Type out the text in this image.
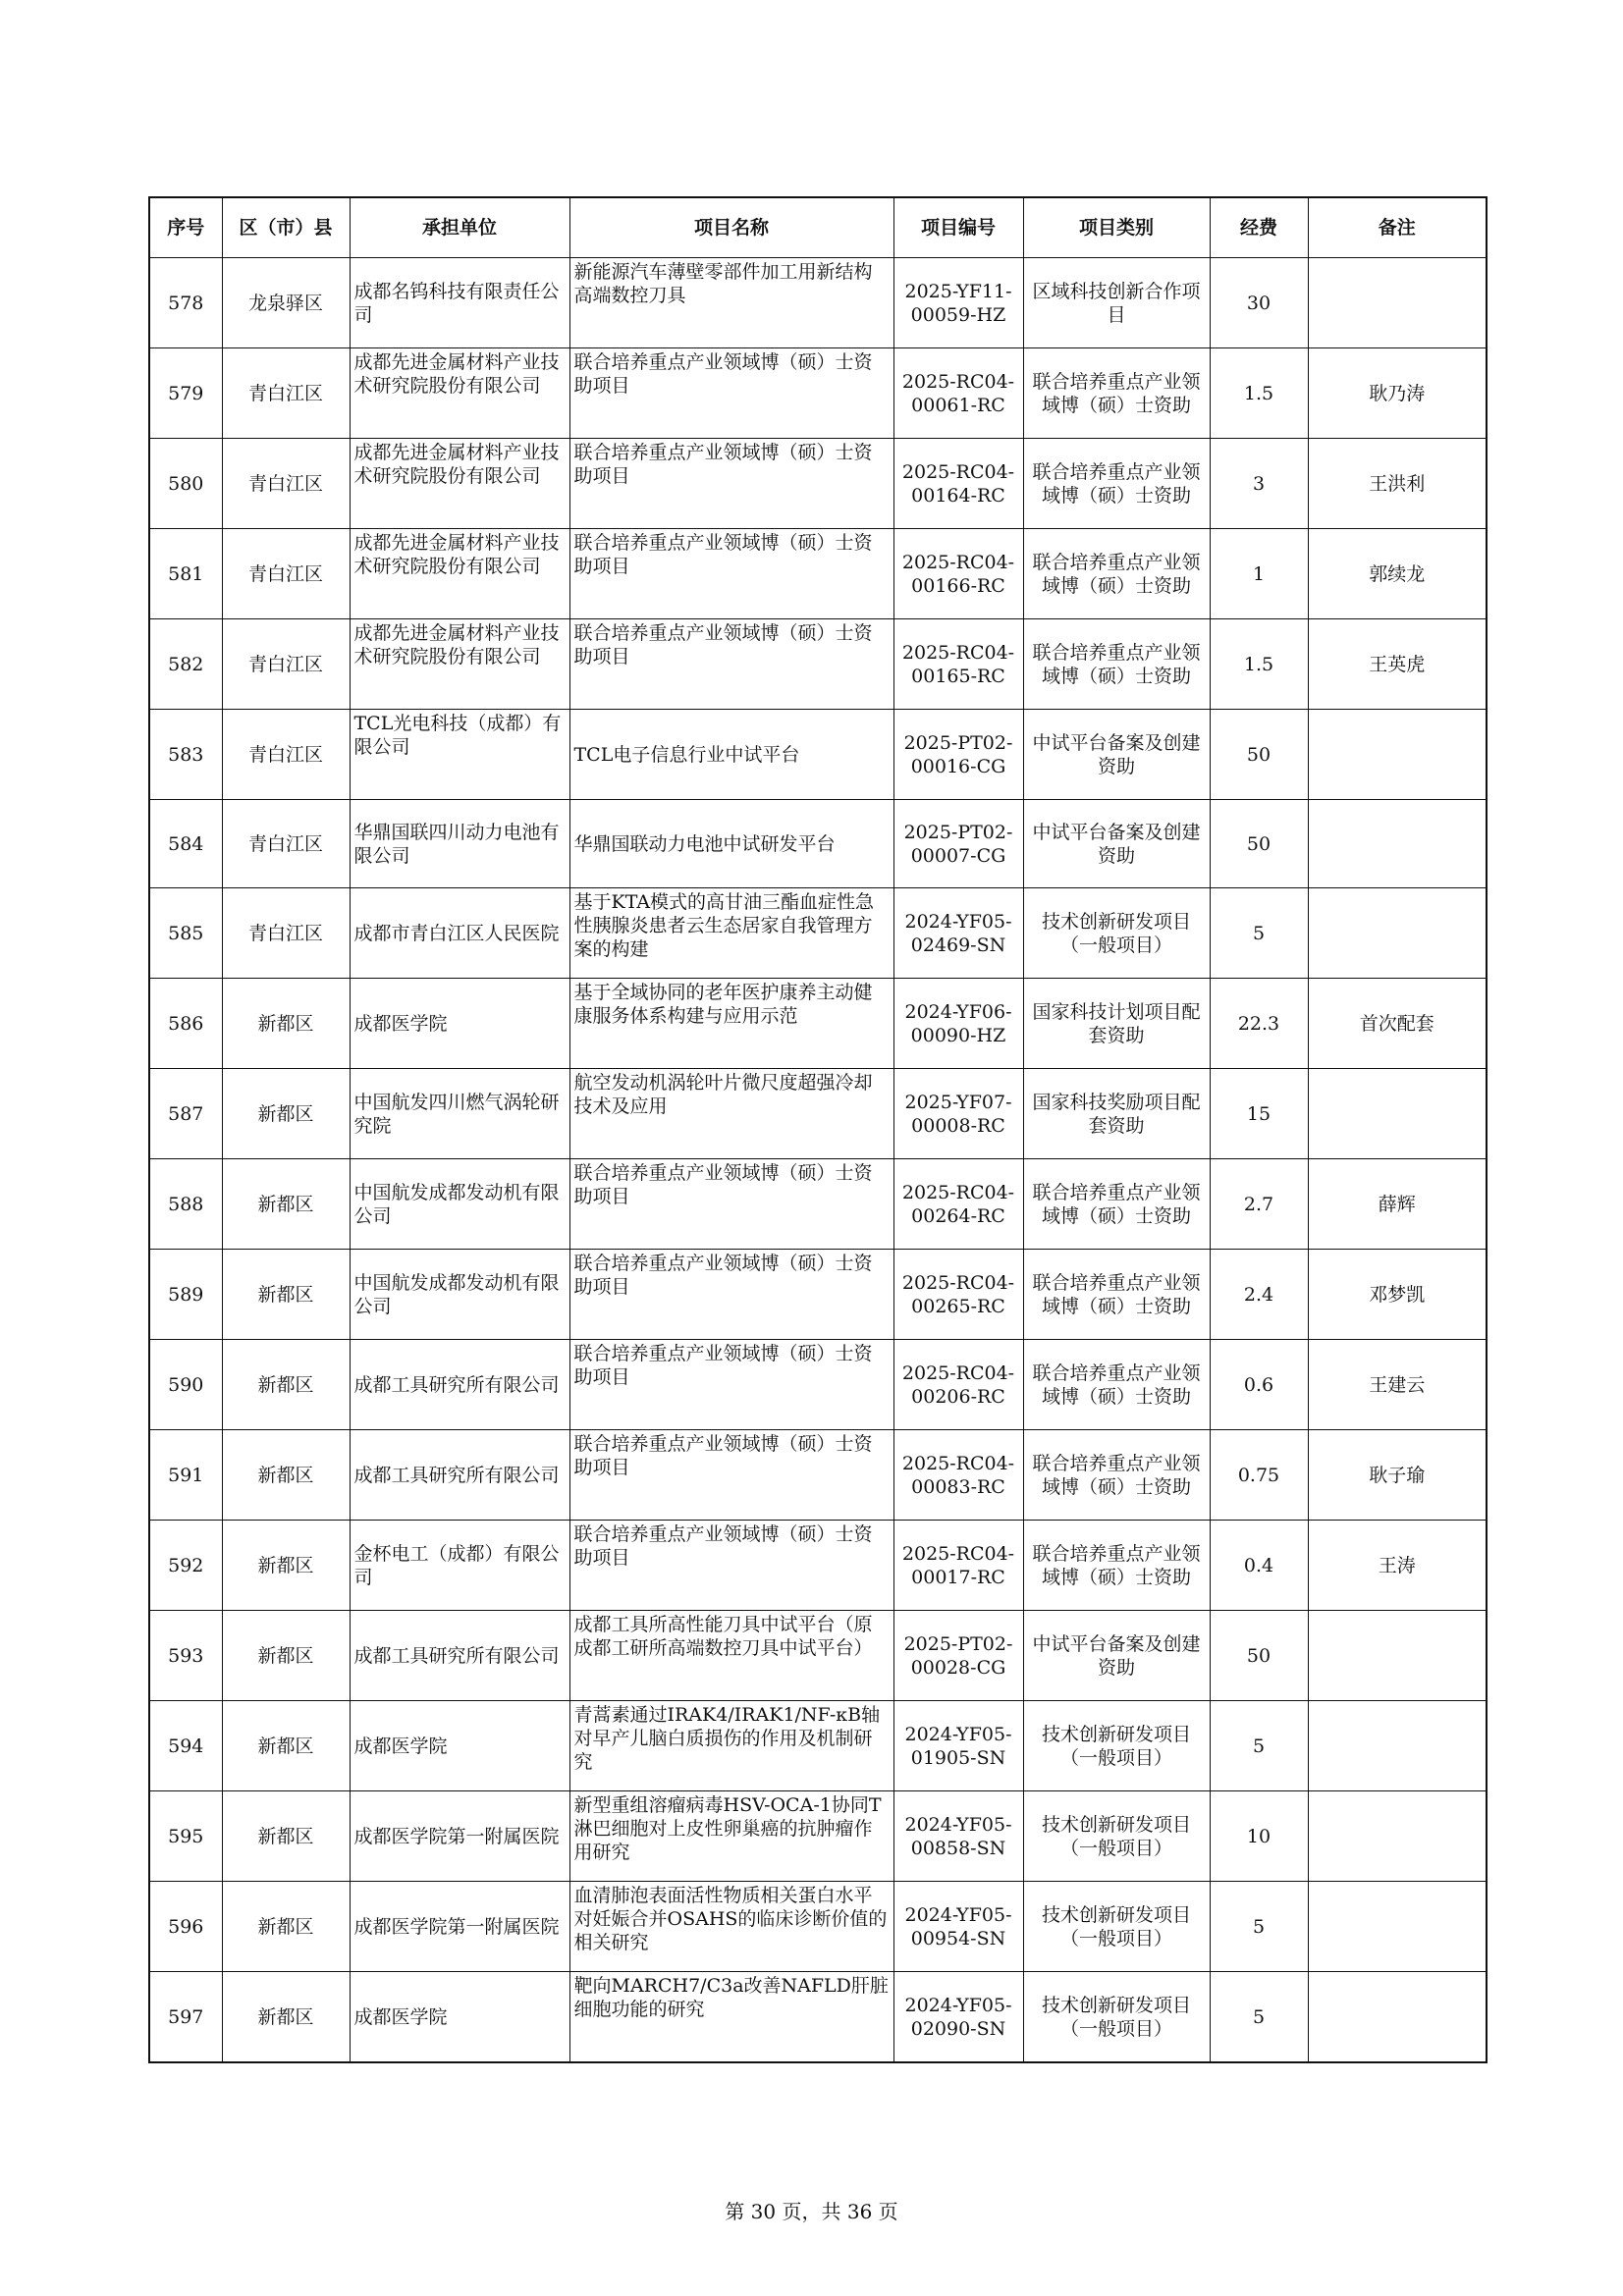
序号	区（市）县	承担单位	项目名称	项目编号	项目类别	经费	备注
578	龙泉驿区	成都名钨科技有限责任公司	新能源汽车薄壁零部件加工用新结构高端数控刀具	2025-YF11-00059-HZ	区域科技创新合作项目	30	
579	青白江区	成都先进金属材料产业技术研究院股份有限公司	联合培养重点产业领域博（硕）士资助项目	2025-RC04-00061-RC	联合培养重点产业领域博（硕）士资助	1.5	耿乃涛
580	青白江区	成都先进金属材料产业技术研究院股份有限公司	联合培养重点产业领域博（硕）士资助项目	2025-RC04-00164-RC	联合培养重点产业领域博（硕）士资助	3	王洪利
581	青白江区	成都先进金属材料产业技术研究院股份有限公司	联合培养重点产业领域博（硕）士资助项目	2025-RC04-00166-RC	联合培养重点产业领域博（硕）士资助	1	郭续龙
582	青白江区	成都先进金属材料产业技术研究院股份有限公司	联合培养重点产业领域博（硕）士资助项目	2025-RC04-00165-RC	联合培养重点产业领域博（硕）士资助	1.5	王英虎
583	青白江区	TCL光电科技（成都）有限公司	TCL电子信息行业中试平台	2025-PT02-00016-CG	中试平台备案及创建资助	50	
584	青白江区	华鼎国联四川动力电池有限公司	华鼎国联动力电池中试研发平台	2025-PT02-00007-CG	中试平台备案及创建资助	50	
585	青白江区	成都市青白江区人民医院	基于KTA模式的高甘油三酯血症性急性胰腺炎患者云生态居家自我管理方案的构建	2024-YF05-02469-SN	技术创新研发项目（一般项目）	5	
586	新都区	成都医学院	基于全域协同的老年医护康养主动健康服务体系构建与应用示范	2024-YF06-00090-HZ	国家科技计划项目配套资助	22.3	首次配套
587	新都区	中国航发四川燃气涡轮研究院	航空发动机涡轮叶片微尺度超强冷却技术及应用	2025-YF07-00008-RC	国家科技奖励项目配套资助	15	
588	新都区	中国航发成都发动机有限公司	联合培养重点产业领域博（硕）士资助项目	2025-RC04-00264-RC	联合培养重点产业领域博（硕）士资助	2.7	薛辉
589	新都区	中国航发成都发动机有限公司	联合培养重点产业领域博（硕）士资助项目	2025-RC04-00265-RC	联合培养重点产业领域博（硕）士资助	2.4	邓梦凯
590	新都区	成都工具研究所有限公司	联合培养重点产业领域博（硕）士资助项目	2025-RC04-00206-RC	联合培养重点产业领域博（硕）士资助	0.6	王建云
591	新都区	成都工具研究所有限公司	联合培养重点产业领域博（硕）士资助项目	2025-RC04-00083-RC	联合培养重点产业领域博（硕）士资助	0.75	耿子瑜
592	新都区	金杯电工（成都）有限公司	联合培养重点产业领域博（硕）士资助项目	2025-RC04-00017-RC	联合培养重点产业领域博（硕）士资助	0.4	王涛
593	新都区	成都工具研究所有限公司	成都工具所高性能刀具中试平台（原成都工研所高端数控刀具中试平台）	2025-PT02-00028-CG	中试平台备案及创建资助	50	
594	新都区	成都医学院	青蒿素通过IRAK4/IRAK1/NF-κB轴对早产儿脑白质损伤的作用及机制研究	2024-YF05-01905-SN	技术创新研发项目（一般项目）	5	
595	新都区	成都医学院第一附属医院	新型重组溶瘤病毒HSV-OCA-1协同T淋巴细胞对上皮性卵巢癌的抗肿瘤作用研究	2024-YF05-00858-SN	技术创新研发项目（一般项目）	10	
596	新都区	成都医学院第一附属医院	血清肺泡表面活性物质相关蛋白水平对妊娠合并OSAHS的临床诊断价值的相关研究	2024-YF05-00954-SN	技术创新研发项目（一般项目）	5	
597	新都区	成都医学院	靶向MARCH7/C3a改善NAFLD肝脏细胞功能的研究	2024-YF05-02090-SN	技术创新研发项目（一般项目）	5	
第 30 页，共 36 页
